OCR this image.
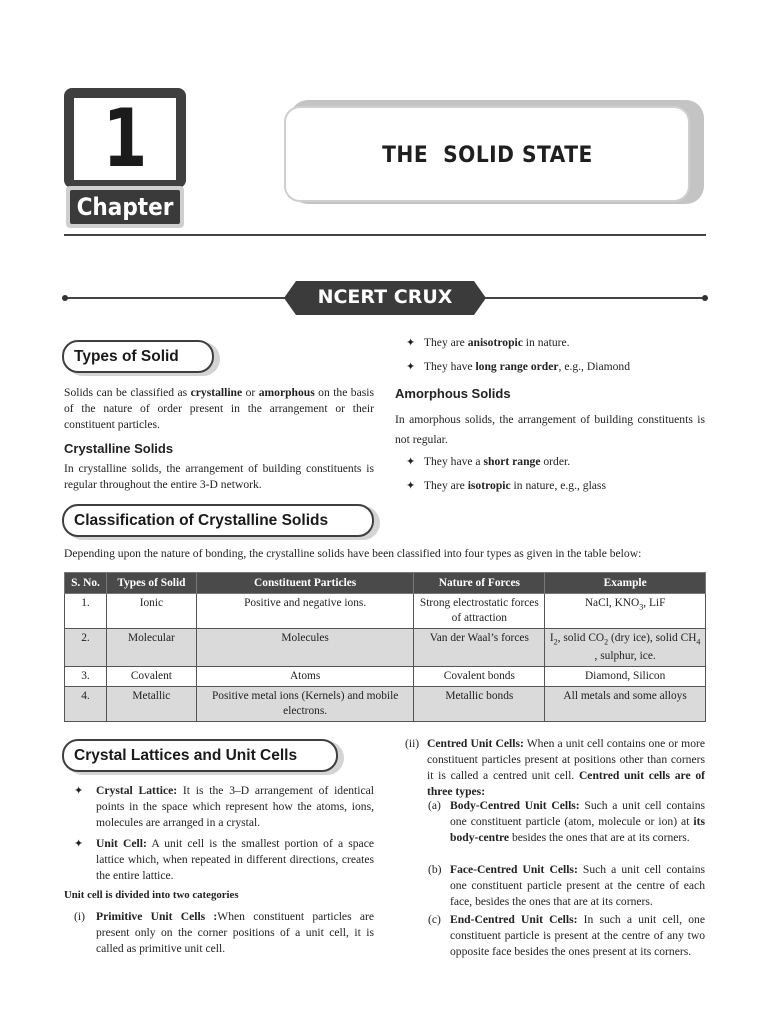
1
Chapter
THE  SOLID STATE
NCERT CRUX
Types of Solid
Solids can be classified as crystalline or amorphous on the basis of the nature of order present in the arrangement or their constituent particles.
Crystalline Solids
In crystalline solids, the arrangement of building constituents is regular throughout the entire 3-D network.
✦ They are anisotropic in nature.
✦ They have long range order, e.g., Diamond
Amorphous Solids
In amorphous solids, the arrangement of building constituents is not regular.
✦ They have a short range order.
✦ They are isotropic in nature, e.g., glass
Classification of Crystalline Solids
Depending upon the nature of bonding, the crystalline solids have been classified into four types as given in the table below:
S. No.	Types of Solid	Constituent Particles	Nature of Forces	Example
1.	Ionic	Positive and negative ions.	Strong electrostatic forces of attraction	NaCl, $KNO_3$, LiF
2.	Molecular	Molecules	Van der Waal’s forces	$I_2$, solid $CO_2$ (dry ice), solid $CH_4$ , sulphur, ice.
3.	Covalent	Atoms	Covalent bonds	Diamond, Silicon
4.	Metallic	Positive metal ions (Kernels) and mobile electrons.	Metallic bonds	All metals and some alloys
Crystal Lattices and Unit Cells
✦ Crystal Lattice: It is the 3–D arrangement of identical points in the space which represent how the atoms, ions, molecules are arranged in a crystal.
✦ Unit Cell: A unit cell is the smallest portion of a space lattice which, when repeated in different directions, creates the entire lattice.
Unit cell is divided into two categories
(i) Primitive Unit Cells :When constituent particles are present only on the corner positions of a unit cell, it is called as primitive unit cell.
(ii) Centred Unit Cells: When a unit cell contains one or more constituent particles present at positions other than corners it is called a centred unit cell. Centred unit cells are of three types:
(a) Body-Centred Unit Cells: Such a unit cell contains one constituent particle (atom, molecule or ion) at its body-centre besides the ones that are at its corners.
(b) Face-Centred Unit Cells: Such a unit cell contains one constituent particle present at the centre of each face, besides the ones that are at its corners.
(c) End-Centred Unit Cells: In such a unit cell, one constituent particle is present at the centre of any two opposite face besides the ones present at its corners.
